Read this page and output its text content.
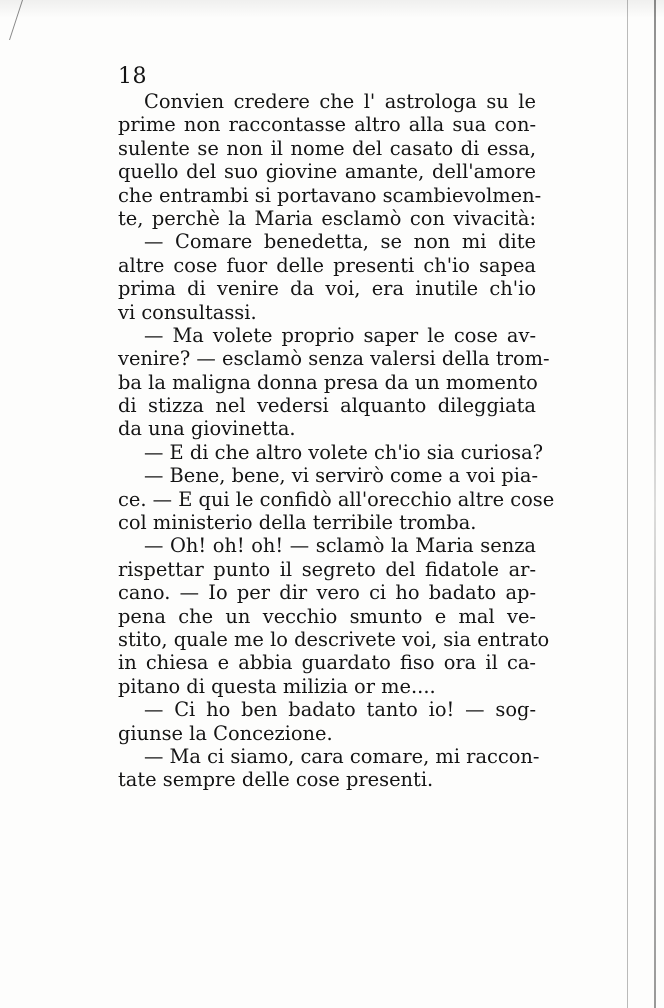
18
Convien credere che l' astrologa su le
prime non raccontasse altro alla sua con-
sulente se non il nome del casato di essa,
quello del suo giovine amante, dell'amore
che entrambi si portavano scambievolmen-
te, perchè la Maria esclamò con vivacità:
— Comare benedetta, se non mi dite
altre cose fuor delle presenti ch'io sapea
prima di venire da voi, era inutile ch'io
vi consultassi.
— Ma volete proprio saper le cose av-
venire? — esclamò senza valersi della trom-
ba la maligna donna presa da un momento
di stizza nel vedersi alquanto dileggiata
da una giovinetta.
— E di che altro volete ch'io sia curiosa?
— Bene, bene, vi servirò come a voi pia-
ce. — E qui le confidò all'orecchio altre cose
col ministerio della terribile tromba.
— Oh! oh! oh! — sclamò la Maria senza
rispettar punto il segreto del fidatole ar-
cano. — Io per dir vero ci ho badato ap-
pena che un vecchio smunto e mal ve-
stito, quale me lo descrivete voi, sia entrato
in chiesa e abbia guardato fiso ora il ca-
pitano di questa milizia or me....
— Ci ho ben badato tanto io! — sog-
giunse la Concezione.
— Ma ci siamo, cara comare, mi raccon-
tate sempre delle cose presenti.
